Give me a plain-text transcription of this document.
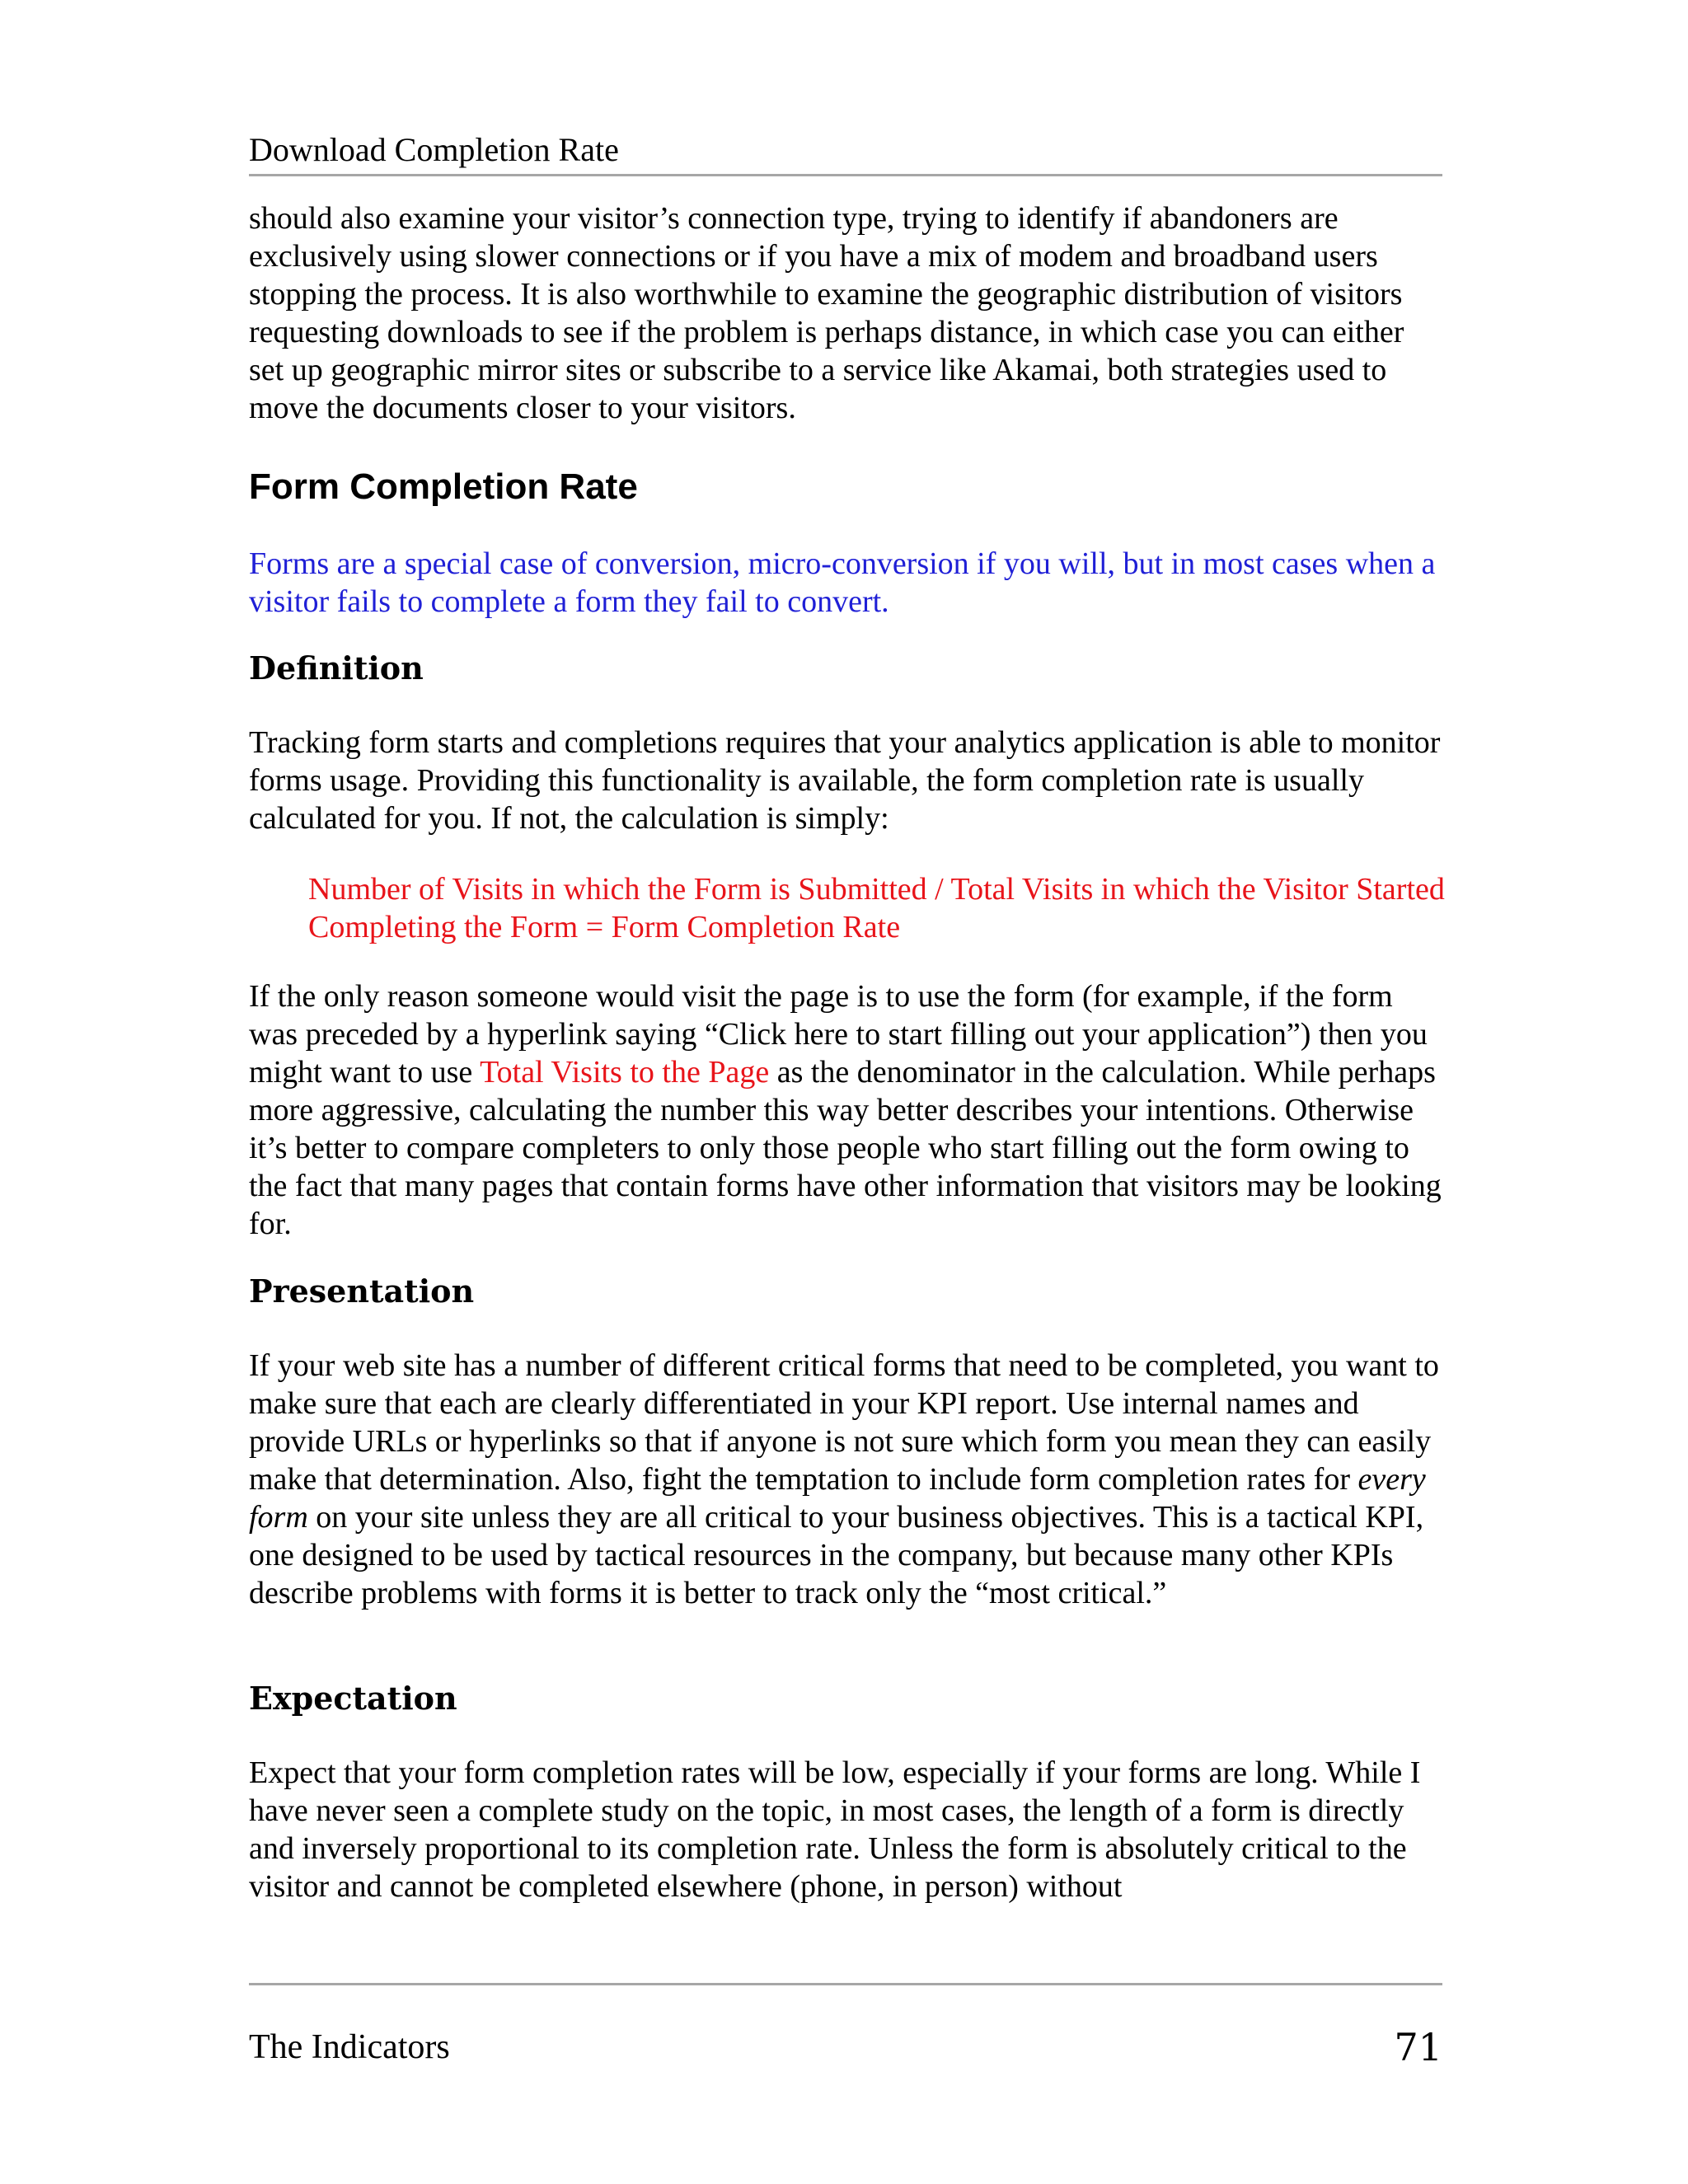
Download Completion Rate

should also examine your visitor’s connection type, trying to identify if abandoners are exclusively using slower connections or if you have a mix of modem and broadband users stopping the process. It is also worthwhile to examine the geographic distribution of visitors requesting downloads to see if the problem is perhaps distance, in which case you can either set up geographic mirror sites or subscribe to a service like Akamai, both strategies used to move the documents closer to your visitors.

Form Completion Rate

Forms are a special case of conversion, micro-conversion if you will, but in most cases when a visitor fails to complete a form they fail to convert.

Definition

Tracking form starts and completions requires that your analytics application is able to monitor forms usage. Providing this functionality is available, the form completion rate is usually calculated for you. If not, the calculation is simply:

Number of Visits in which the Form is Submitted / Total Visits in which the Visitor Started Completing the Form = Form Completion Rate

If the only reason someone would visit the page is to use the form (for example, if the form was preceded by a hyperlink saying “Click here to start filling out your application”) then you might want to use Total Visits to the Page as the denominator in the calculation. While perhaps more aggressive, calculating the number this way better describes your intentions. Otherwise it’s better to compare completers to only those people who start filling out the form owing to the fact that many pages that contain forms have other information that visitors may be looking for.

Presentation

If your web site has a number of different critical forms that need to be completed, you want to make sure that each are clearly differentiated in your KPI report. Use internal names and provide URLs or hyperlinks so that if anyone is not sure which form you mean they can easily make that determination. Also, fight the temptation to include form completion rates for every form on your site unless they are all critical to your business objectives. This is a tactical KPI, one designed to be used by tactical resources in the company, but because many other KPIs describe problems with forms it is better to track only the “most critical.”

Expectation

Expect that your form completion rates will be low, especially if your forms are long. While I have never seen a complete study on the topic, in most cases, the length of a form is directly and inversely proportional to its completion rate. Unless the form is absolutely critical to the visitor and cannot be completed elsewhere (phone, in person) without

The Indicators	71
